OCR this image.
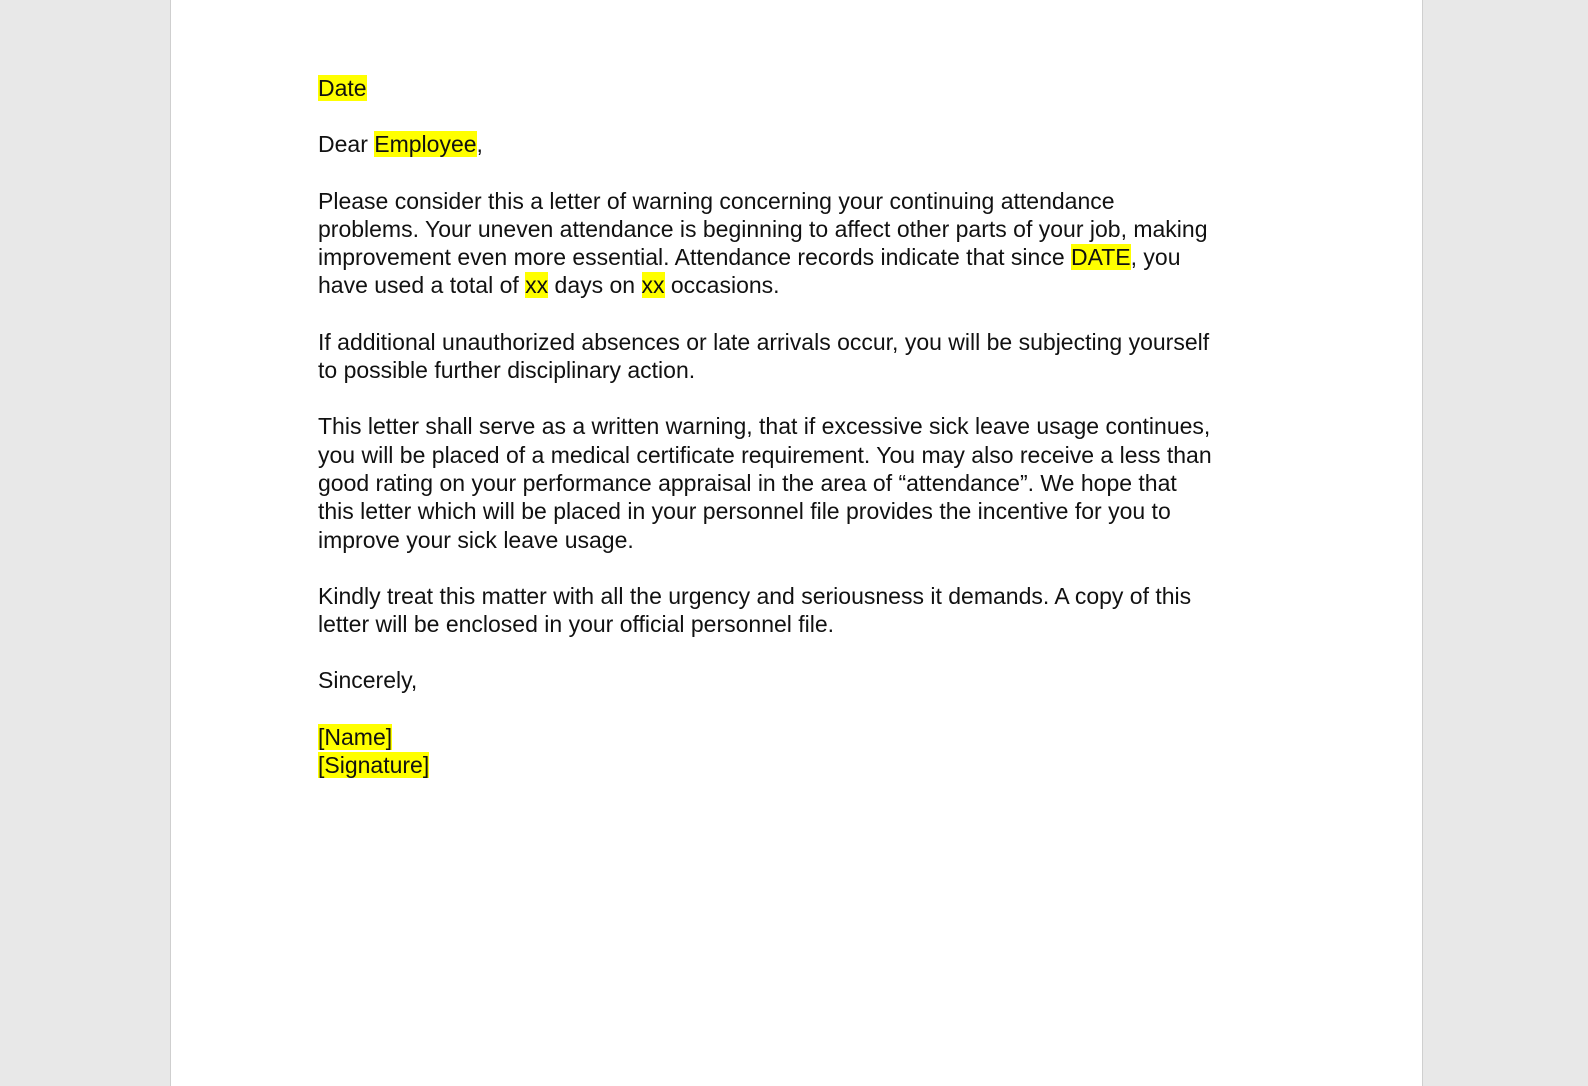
Date
Dear Employee,
Please consider this a letter of warning concerning your continuing attendance
problems. Your uneven attendance is beginning to affect other parts of your job, making
improvement even more essential. Attendance records indicate that since DATE, you
have used a total of xx days on xx occasions.
If additional unauthorized absences or late arrivals occur, you will be subjecting yourself
to possible further disciplinary action.
This letter shall serve as a written warning, that if excessive sick leave usage continues,
you will be placed of a medical certificate requirement. You may also receive a less than
good rating on your performance appraisal in the area of “attendance”. We hope that
this letter which will be placed in your personnel file provides the incentive for you to
improve your sick leave usage.
Kindly treat this matter with all the urgency and seriousness it demands. A copy of this
letter will be enclosed in your official personnel file.
Sincerely,
[Name]
[Signature]
